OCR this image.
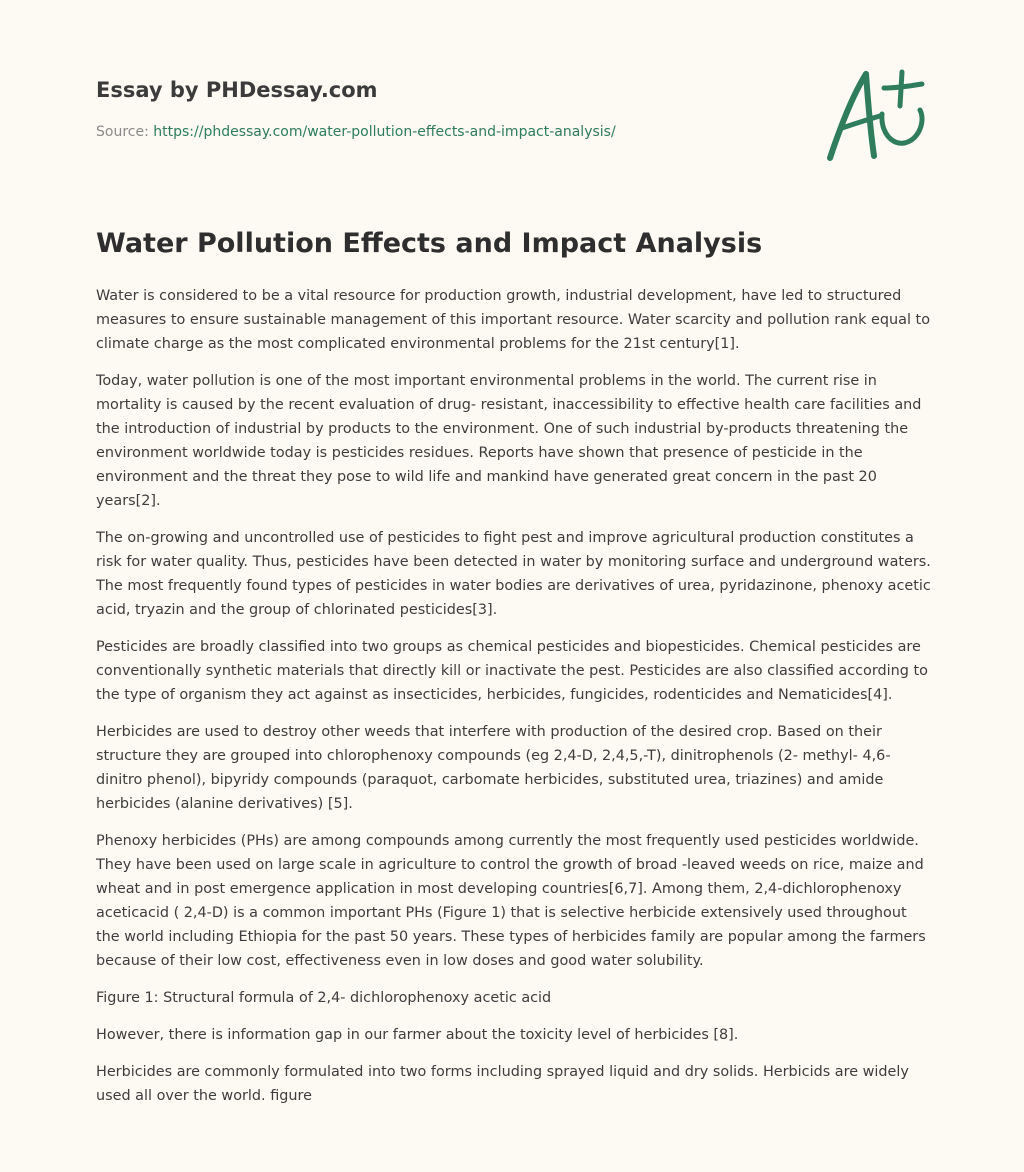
Essay by PHDessay.com
Source: https://phdessay.com/water-pollution-effects-and-impact-analysis/
Water Pollution Effects and Impact Analysis

Water is considered to be a vital resource for production growth, industrial development, have led to structured measures to ensure sustainable management of this important resource. Water scarcity and pollution rank equal to climate charge as the most complicated environmental problems for the 21st century[1].

Today, water pollution is one of the most important environmental problems in the world. The current rise in mortality is caused by the recent evaluation of drug- resistant, inaccessibility to effective health care facilities and the introduction of industrial by products to the environment. One of such industrial by-products threatening the environment worldwide today is pesticides residues. Reports have shown that presence of pesticide in the environment and the threat they pose to wild life and mankind have generated great concern in the past 20 years[2].

The on-growing and uncontrolled use of pesticides to fight pest and improve agricultural production constitutes a risk for water quality. Thus, pesticides have been detected in water by monitoring surface and underground waters. The most frequently found types of pesticides in water bodies are derivatives of urea, pyridazinone, phenoxy acetic acid, tryazin and the group of chlorinated pesticides[3].

Pesticides are broadly classified into two groups as chemical pesticides and biopesticides. Chemical pesticides are conventionally synthetic materials that directly kill or inactivate the pest. Pesticides are also classified according to the type of organism they act against as insecticides, herbicides, fungicides, rodenticides and Nematicides[4].

Herbicides are used to destroy other weeds that interfere with production of the desired crop. Based on their structure they are grouped into chlorophenoxy compounds (eg 2,4-D, 2,4,5,-T), dinitrophenols (2- methyl- 4,6-dinitro phenol), bipyridy compounds (paraquot, carbomate herbicides, substituted urea, triazines) and amide herbicides (alanine derivatives) [5].

Phenoxy herbicides (PHs) are among compounds among currently the most frequently used pesticides worldwide. They have been used on large scale in agriculture to control the growth of broad -leaved weeds on rice, maize and wheat and in post emergence application in most developing countries[6,7]. Among them, 2,4-dichlorophenoxy aceticacid ( 2,4-D) is a common important PHs (Figure 1) that is selective herbicide extensively used throughout the world including Ethiopia for the past 50 years. These types of herbicides family are popular among the farmers because of their low cost, effectiveness even in low doses and good water solubility.

Figure 1: Structural formula of 2,4- dichlorophenoxy acetic acid

However, there is information gap in our farmer about the toxicity level of herbicides [8].

Herbicides are commonly formulated into two forms including sprayed liquid and dry solids. Herbicids are widely used all over the world. figure
